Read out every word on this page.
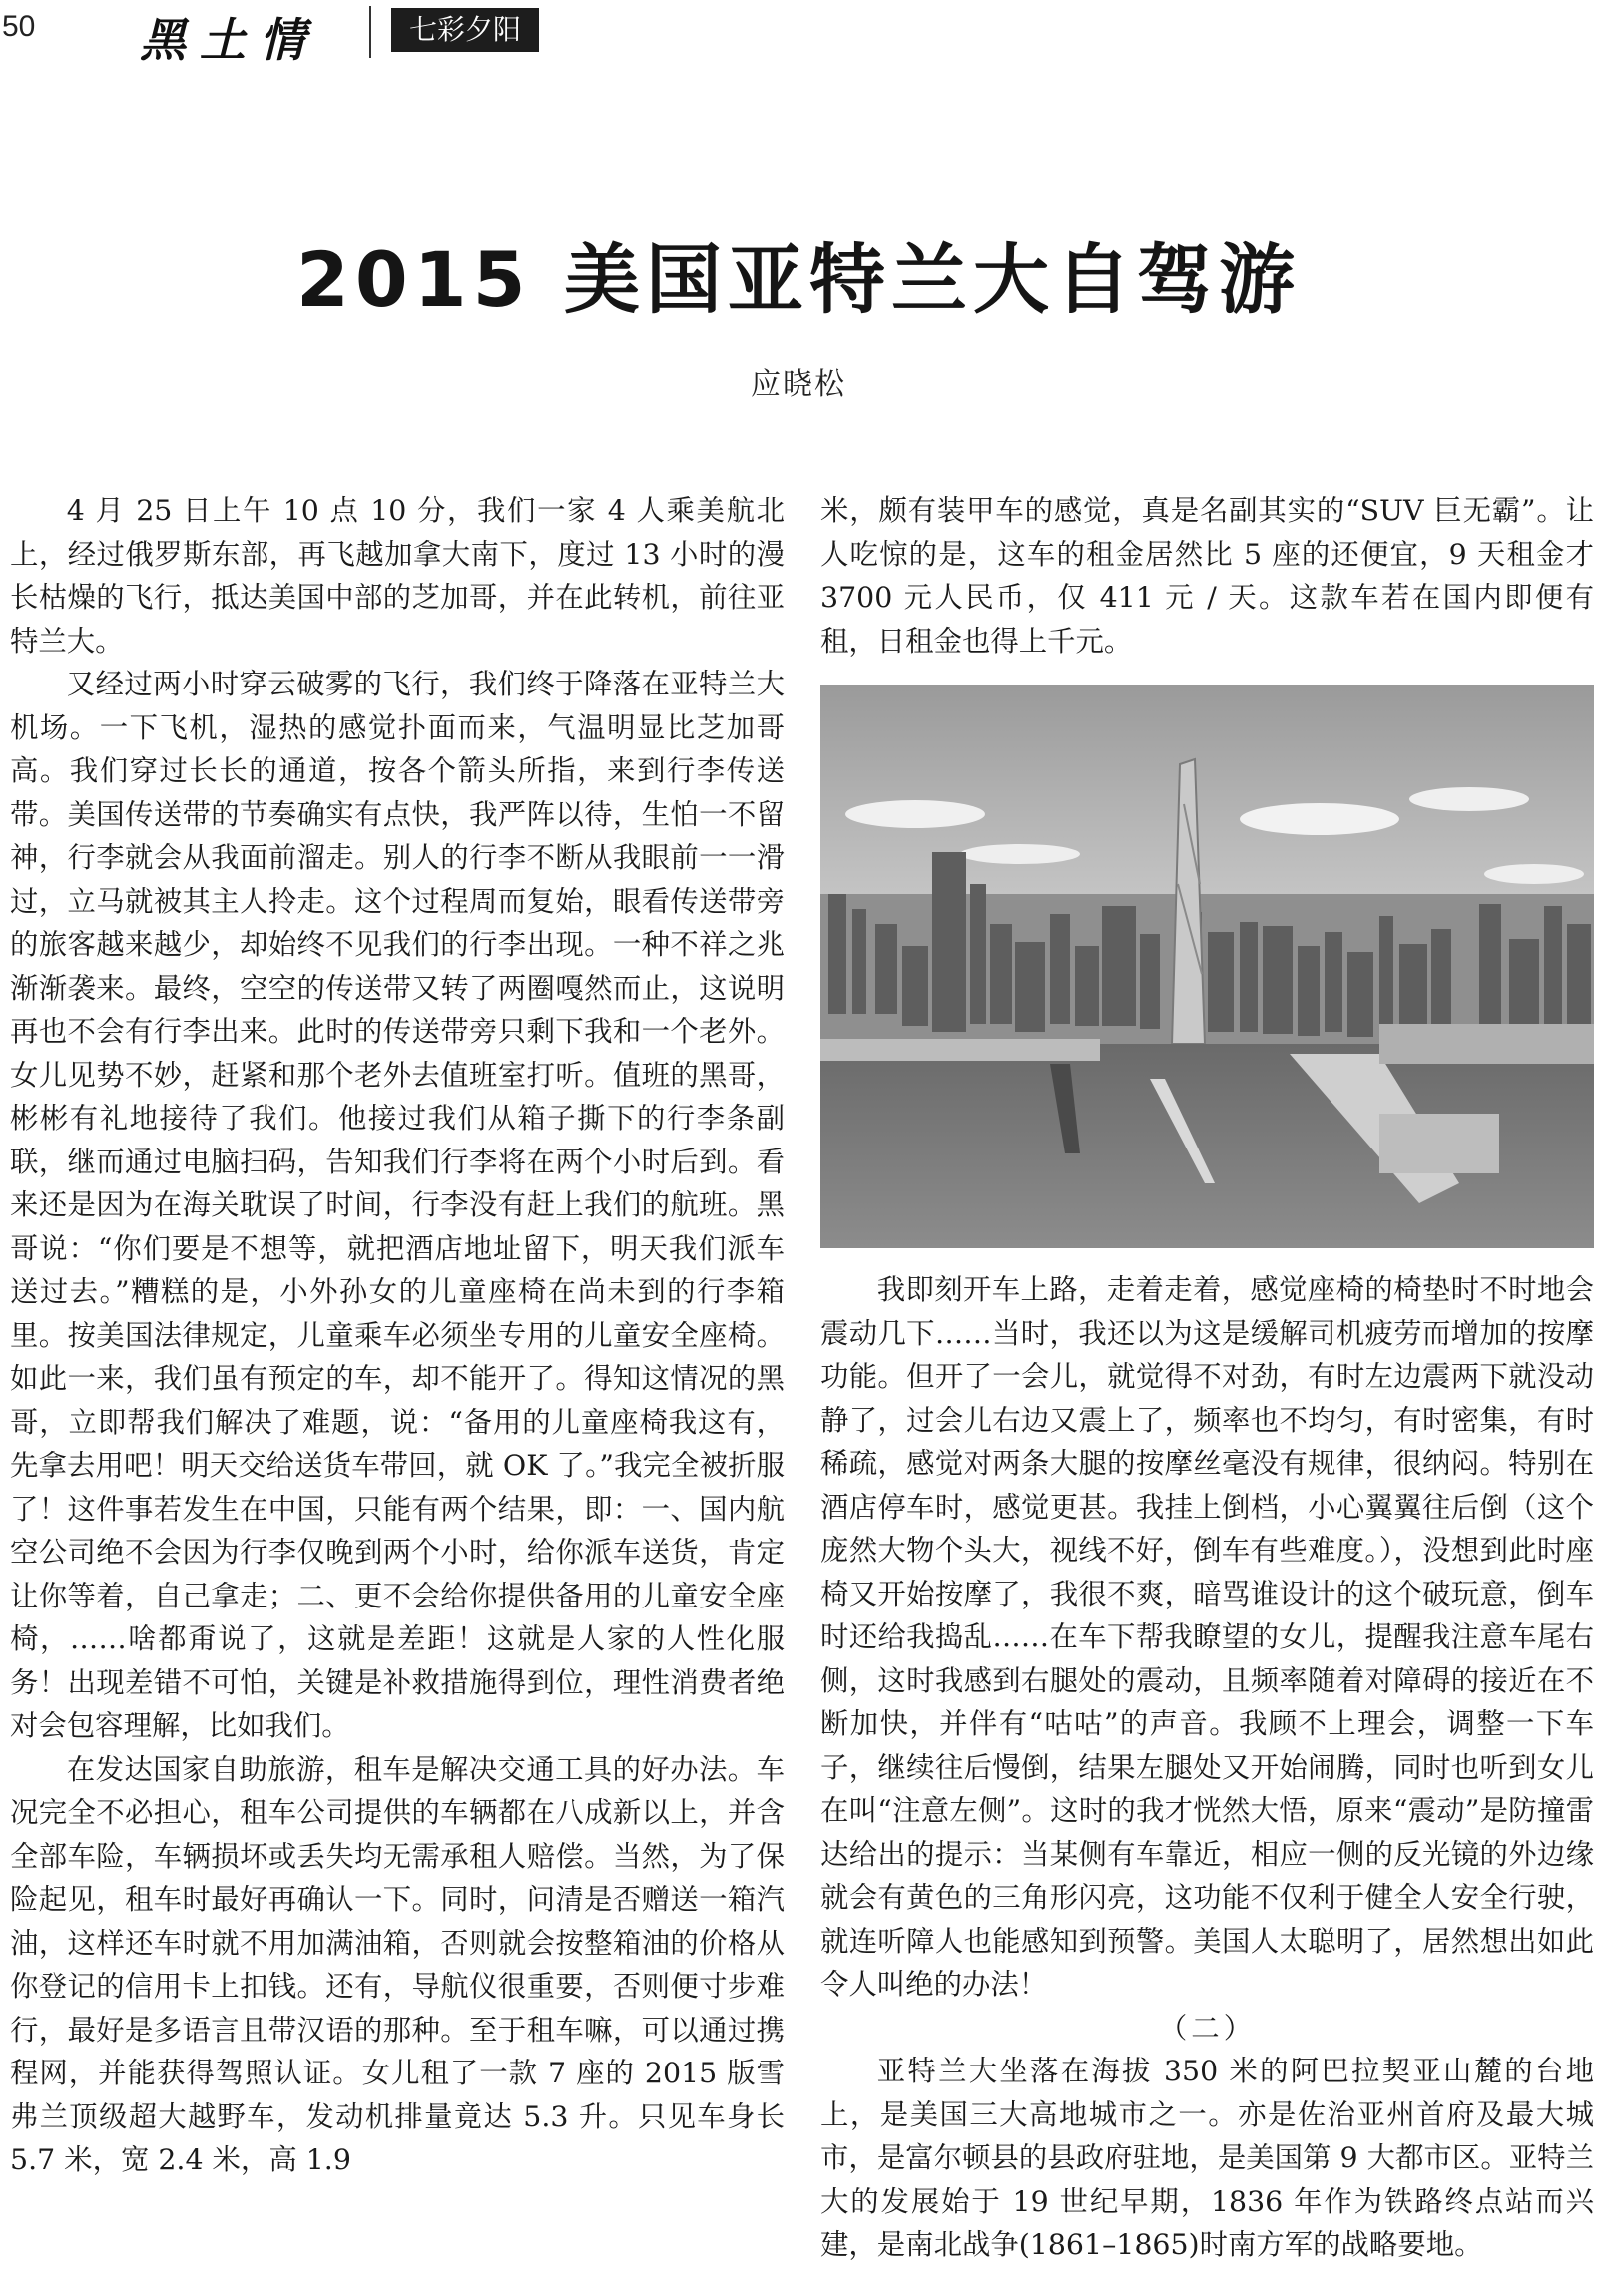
50 黑土情	七彩夕阳
2015 美国亚特兰大自驾游
应晓松

4 月 25 日上午 10 点 10 分，我们一家 4 人乘美航北上，经过俄罗斯东部，再飞越加拿大南下，度过 13 小时的漫长枯燥的飞行，抵达美国中部的芝加哥，并在此转机，前往亚特兰大。

又经过两小时穿云破雾的飞行，我们终于降落在亚特兰大机场。一下飞机，湿热的感觉扑面而来，气温明显比芝加哥高。我们穿过长长的通道，按各个箭头所指，来到行李传送带。美国传送带的节奏确实有点快，我严阵以待，生怕一不留神，行李就会从我面前溜走。别人的行李不断从我眼前一一滑过，立马就被其主人拎走。这个过程周而复始，眼看传送带旁的旅客越来越少，却始终不见我们的行李出现。一种不祥之兆渐渐袭来。最终，空空的传送带又转了两圈嘎然而止，这说明再也不会有行李出来。此时的传送带旁只剩下我和一个老外。女儿见势不妙，赶紧和那个老外去值班室打听。值班的黑哥，彬彬有礼地接待了我们。他接过我们从箱子撕下的行李条副联，继而通过电脑扫码，告知我们行李将在两个小时后到。看来还是因为在海关耽误了时间，行李没有赶上我们的航班。黑哥说：“你们要是不想等，就把酒店地址留下，明天我们派车送过去。”糟糕的是，小外孙女的儿童座椅在尚未到的行李箱里。按美国法律规定，儿童乘车必须坐专用的儿童安全座椅。如此一来，我们虽有预定的车，却不能开了。得知这情况的黑哥，立即帮我们解决了难题，说：“备用的儿童座椅我这有，先拿去用吧！明天交给送货车带回，就 OK 了。”我完全被折服了！这件事若发生在中国，只能有两个结果，即：一、国内航空公司绝不会因为行李仅晚到两个小时，给你派车送货，肯定让你等着，自己拿走；二、更不会给你提供备用的儿童安全座椅，……啥都甭说了，这就是差距！这就是人家的人性化服务！出现差错不可怕，关键是补救措施得到位，理性消费者绝对会包容理解，比如我们。

在发达国家自助旅游，租车是解决交通工具的好办法。车况完全不必担心，租车公司提供的车辆都在八成新以上，并含全部车险，车辆损坏或丢失均无需承租人赔偿。当然，为了保险起见，租车时最好再确认一下。同时，问清是否赠送一箱汽油，这样还车时就不用加满油箱，否则就会按整箱油的价格从你登记的信用卡上扣钱。还有，导航仪很重要，否则便寸步难行，最好是多语言且带汉语的那种。至于租车嘛，可以通过携程网，并能获得驾照认证。女儿租了一款 7 座的 2015 版雪弗兰顶级超大越野车，发动机排量竟达 5.3 升。只见车身长 5.7 米，宽 2.4 米，高 1.9

米，颇有装甲车的感觉，真是名副其实的“SUV 巨无霸”。让人吃惊的是，这车的租金居然比 5 座的还便宜，9 天租金才 3700 元人民币，仅 411 元 / 天。这款车若在国内即便有租，日租金也得上千元。

我即刻开车上路，走着走着，感觉座椅的椅垫时不时地会震动几下……当时，我还以为这是缓解司机疲劳而增加的按摩功能。但开了一会儿，就觉得不对劲，有时左边震两下就没动静了，过会儿右边又震上了，频率也不均匀，有时密集，有时稀疏，感觉对两条大腿的按摩丝毫没有规律，很纳闷。特别在酒店停车时，感觉更甚。我挂上倒档，小心翼翼往后倒（这个庞然大物个头大，视线不好，倒车有些难度。），没想到此时座椅又开始按摩了，我很不爽，暗骂谁设计的这个破玩意，倒车时还给我捣乱……在车下帮我瞭望的女儿，提醒我注意车尾右侧，这时我感到右腿处的震动，且频率随着对障碍的接近在不断加快，并伴有“咕咕”的声音。我顾不上理会，调整一下车子，继续往后慢倒，结果左腿处又开始闹腾，同时也听到女儿在叫“注意左侧”。这时的我才恍然大悟，原来“震动”是防撞雷达给出的提示：当某侧有车靠近，相应一侧的反光镜的外边缘就会有黄色的三角形闪亮，这功能不仅利于健全人安全行驶，就连听障人也能感知到预警。美国人太聪明了，居然想出如此令人叫绝的办法！

（二）

亚特兰大坐落在海拔 350 米的阿巴拉契亚山麓的台地上，是美国三大高地城市之一。亦是佐治亚州首府及最大城市，是富尔顿县的县政府驻地，是美国第 9 大都市区。亚特兰大的发展始于 19 世纪早期，1836 年作为铁路终点站而兴建，是南北战争(1861–1865)时南方军的战略要地。
